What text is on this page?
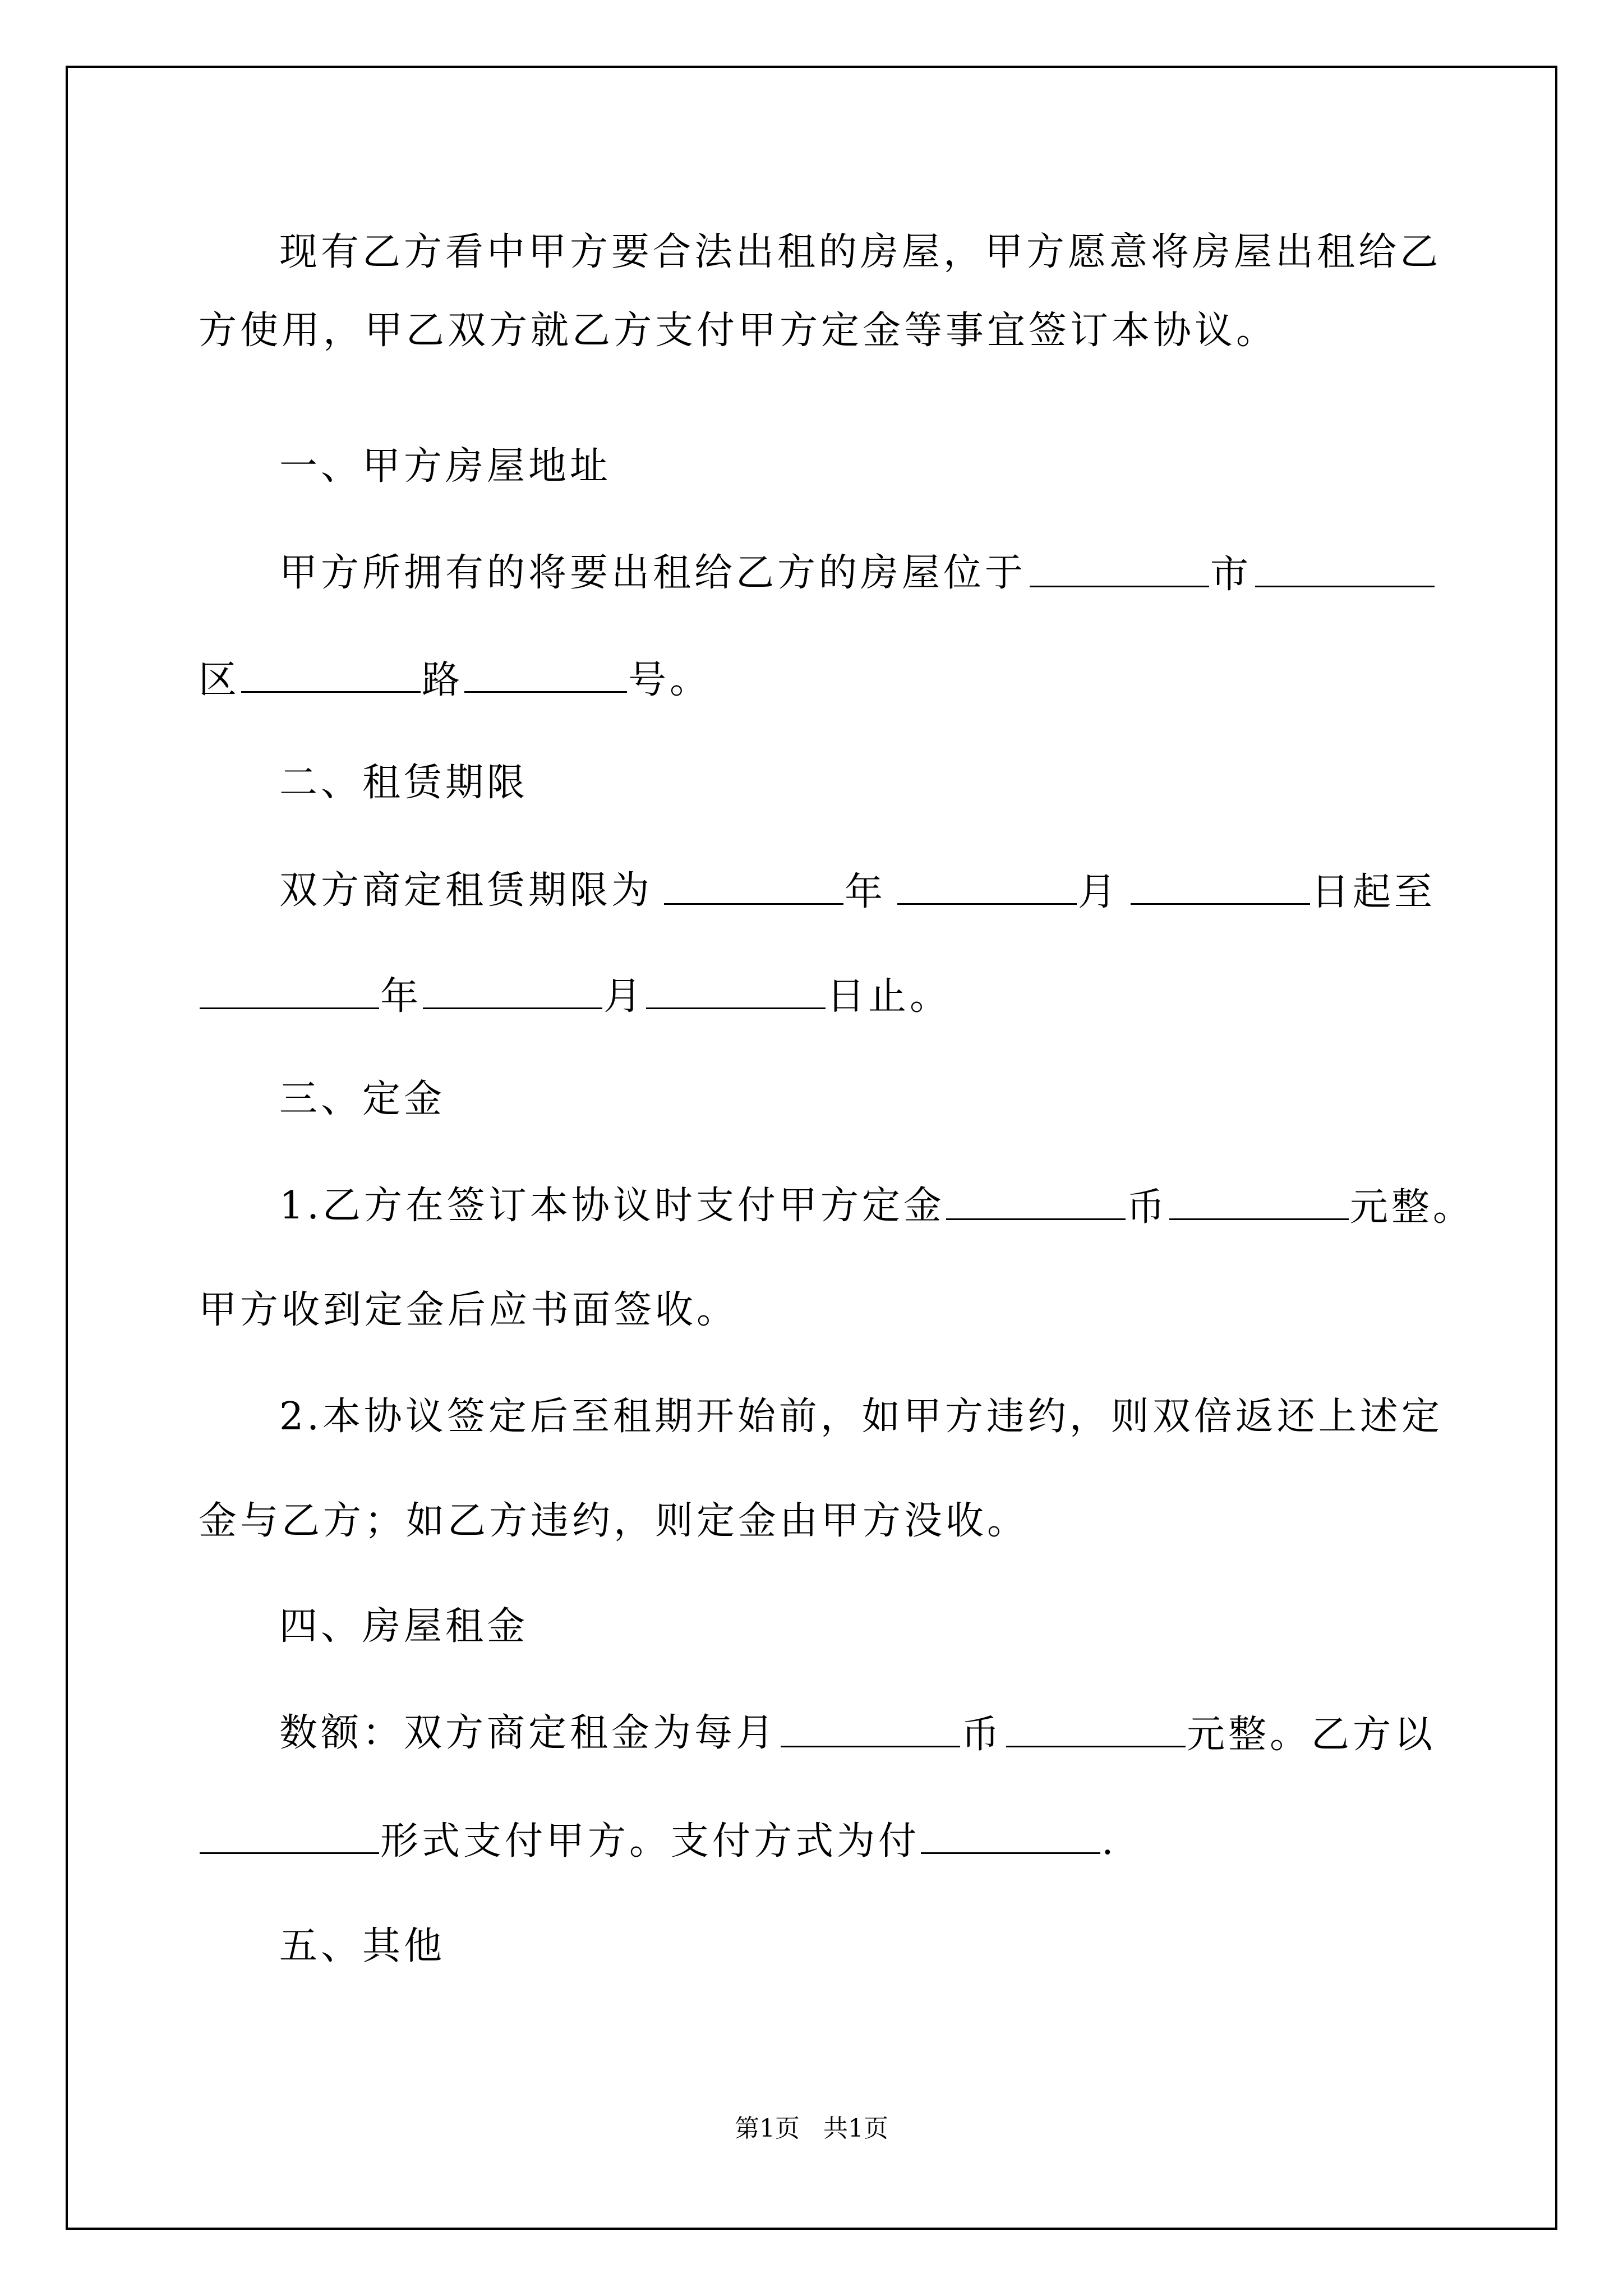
现有乙方看中甲方要合法出租的房屋，甲方愿意将房屋出租给乙
方使用，甲乙双方就乙方支付甲方定金等事宜签订本协议。
一、甲方房屋地址
甲方所拥有的将要出租给乙方的房屋位于	市
区	路	号。
二、租赁期限
双方商定租赁期限为	年	月	日起至
年	月	日止。
三、定金
1.乙方在签订本协议时支付甲方定金	币	元整。
甲方收到定金后应书面签收。
2.本协议签定后至租期开始前，如甲方违约，则双倍返还上述定
金与乙方；如乙方违约，则定金由甲方没收。
四、房屋租金
数额：双方商定租金为每月	币	元整。乙方以
形式支付甲方。支付方式为付	.
五、其他
第1页 共1页
